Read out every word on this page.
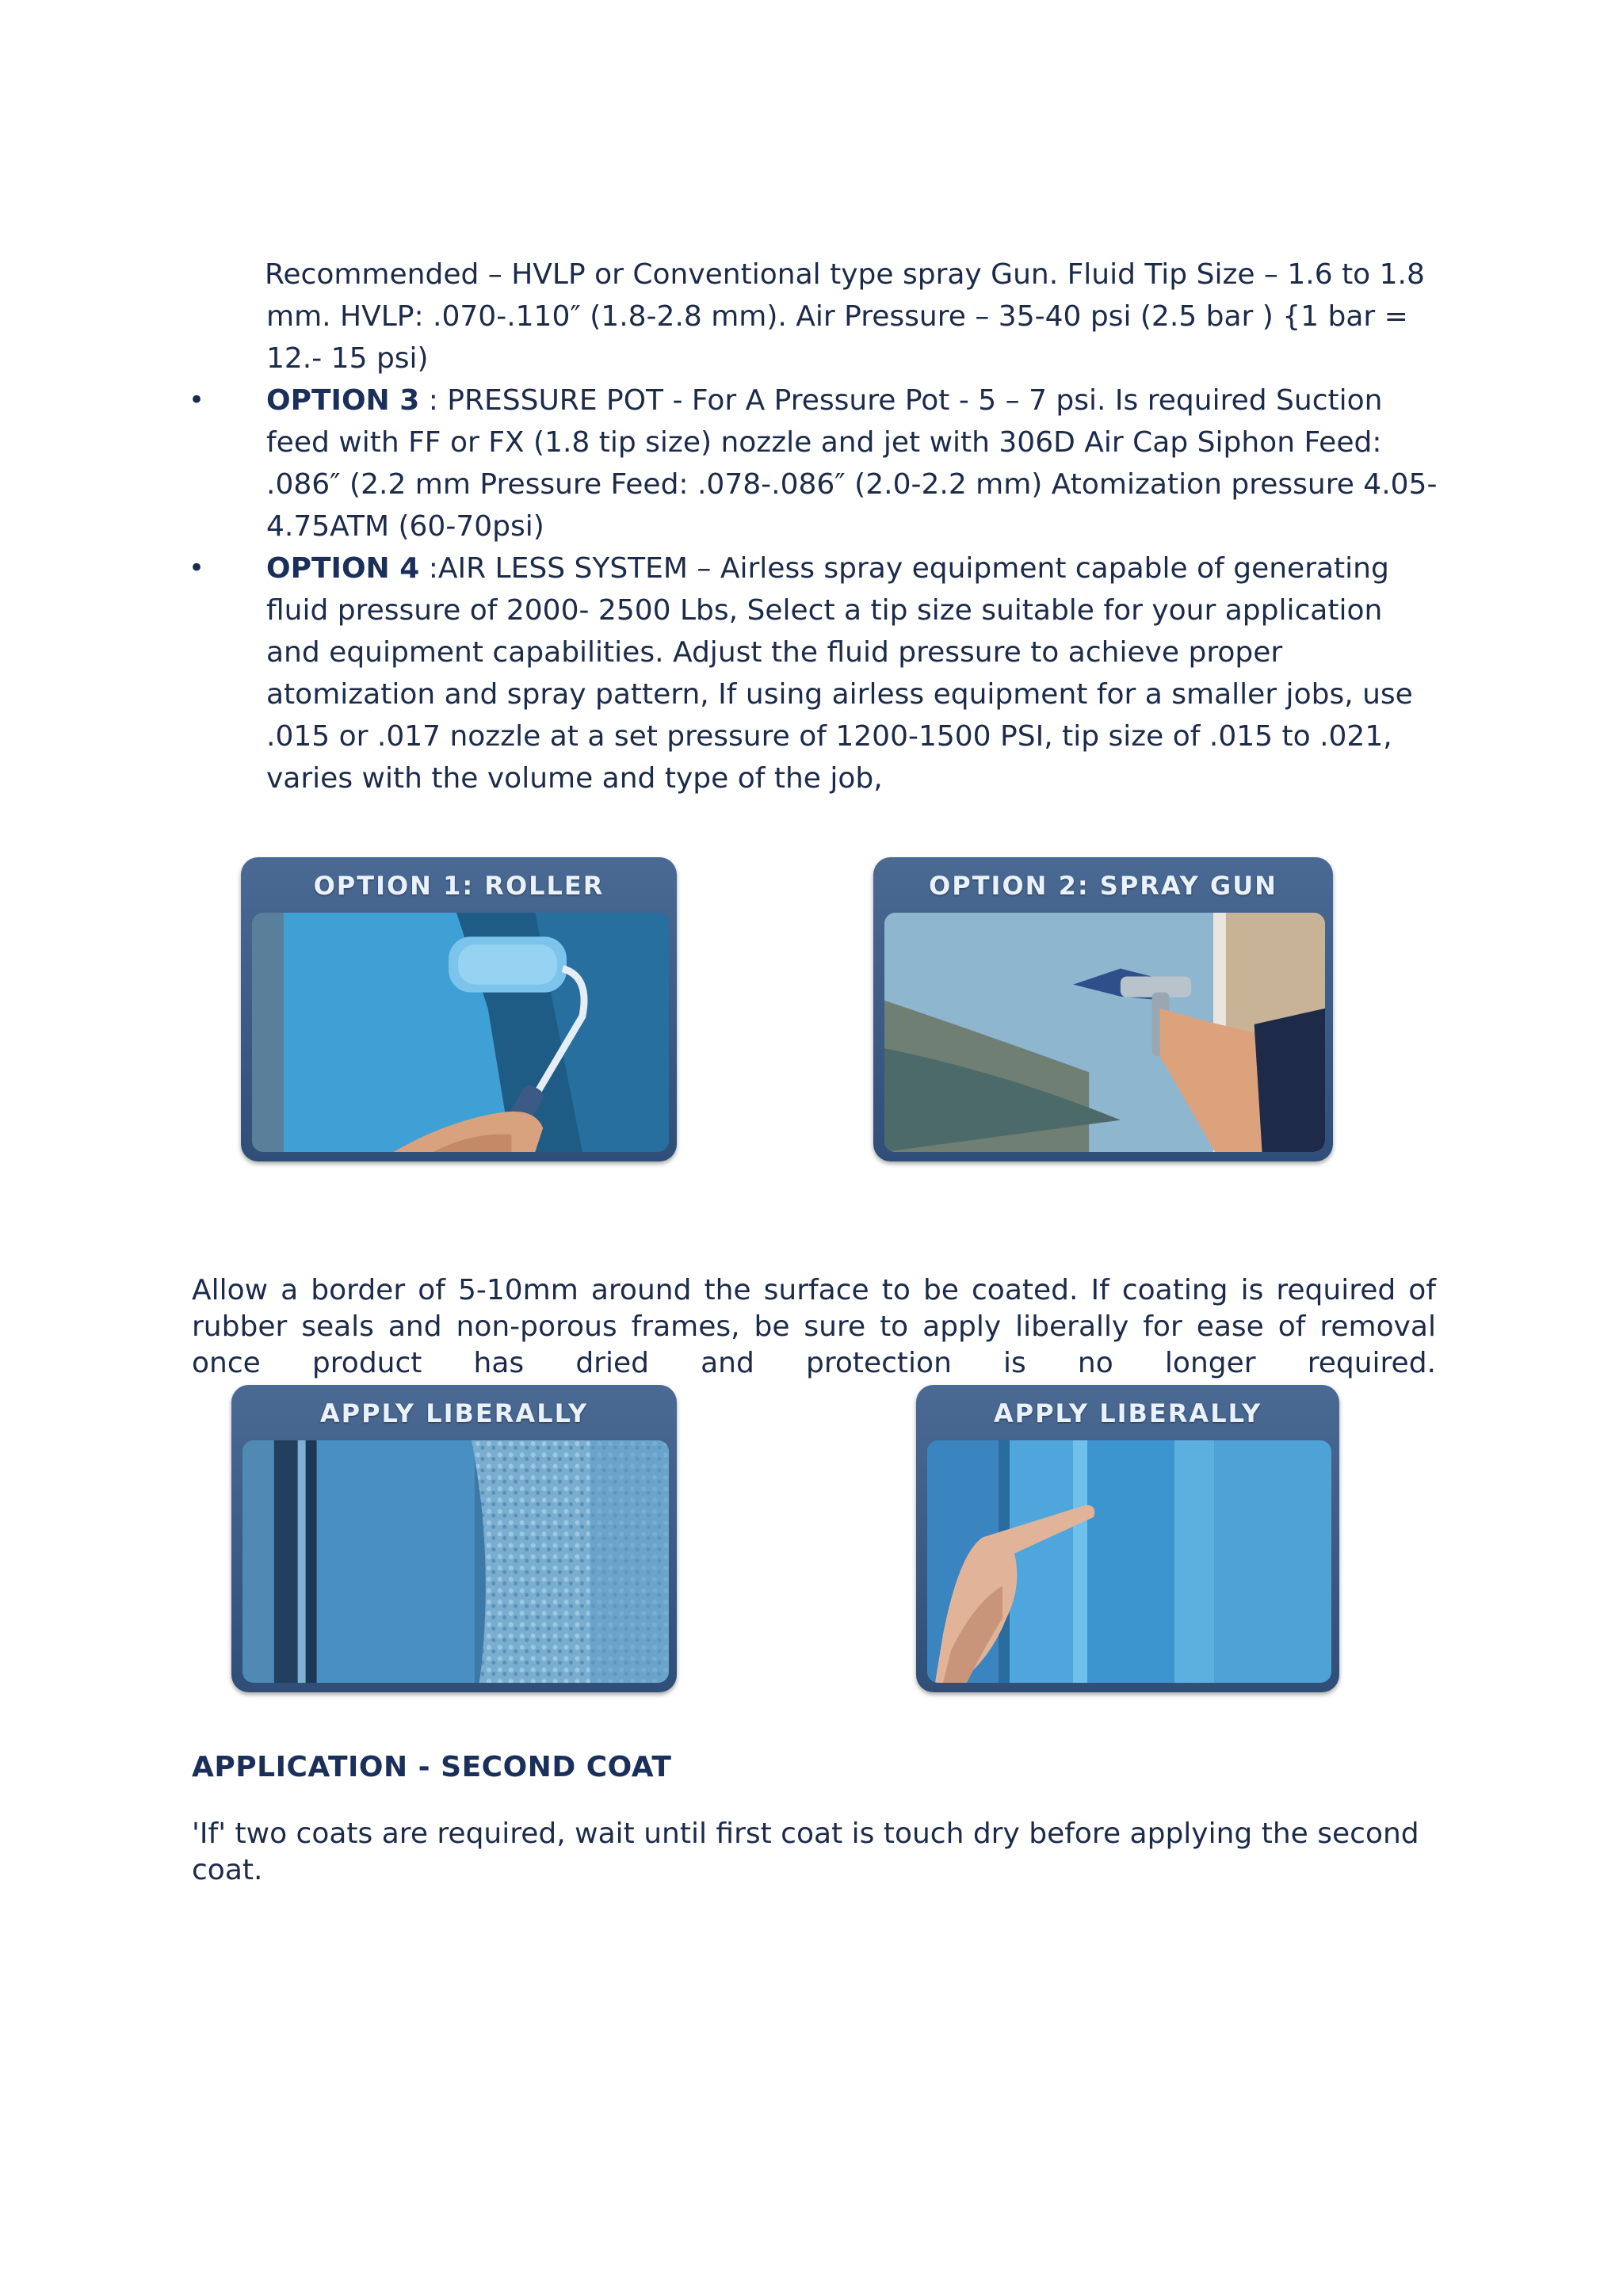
Recommended – HVLP or Conventional type spray Gun. Fluid Tip Size – 1.6 to 1.8 mm. HVLP: .070-.110″ (1.8-2.8 mm). Air Pressure – 35-40 psi (2.5 bar ) {1 bar = 12.- 15 psi)

•	OPTION 3 : PRESSURE POT - For A Pressure Pot - 5 – 7 psi. Is required Suction feed with FF or FX (1.8 tip size) nozzle and jet with 306D Air Cap Siphon Feed: .086″ (2.2 mm Pressure Feed: .078-.086″ (2.0-2.2 mm) Atomization pressure 4.05-4.75ATM (60-70psi)
•	OPTION 4 :AIR LESS SYSTEM – Airless spray equipment capable of generating fluid pressure of 2000- 2500 Lbs, Select a tip size suitable for your application and equipment capabilities. Adjust the fluid pressure to achieve proper atomization and spray pattern, If using airless equipment for a smaller jobs, use .015 or .017 nozzle at a set pressure of 1200-1500 PSI, tip size of .015 to .021, varies with the volume and type of the job,
OPTION 1: ROLLER	OPTION 2: SPRAY GUN

Allow a border of 5-10mm around the surface to be coated. If coating is required of rubber seals and non-porous frames, be sure to apply liberally for ease of removal once product has dried and protection is no longer required.

APPLY LIBERALLY	APPLY LIBERALLY
APPLICATION - SECOND COAT

'If' two coats are required, wait until first coat is touch dry before applying the second coat.
